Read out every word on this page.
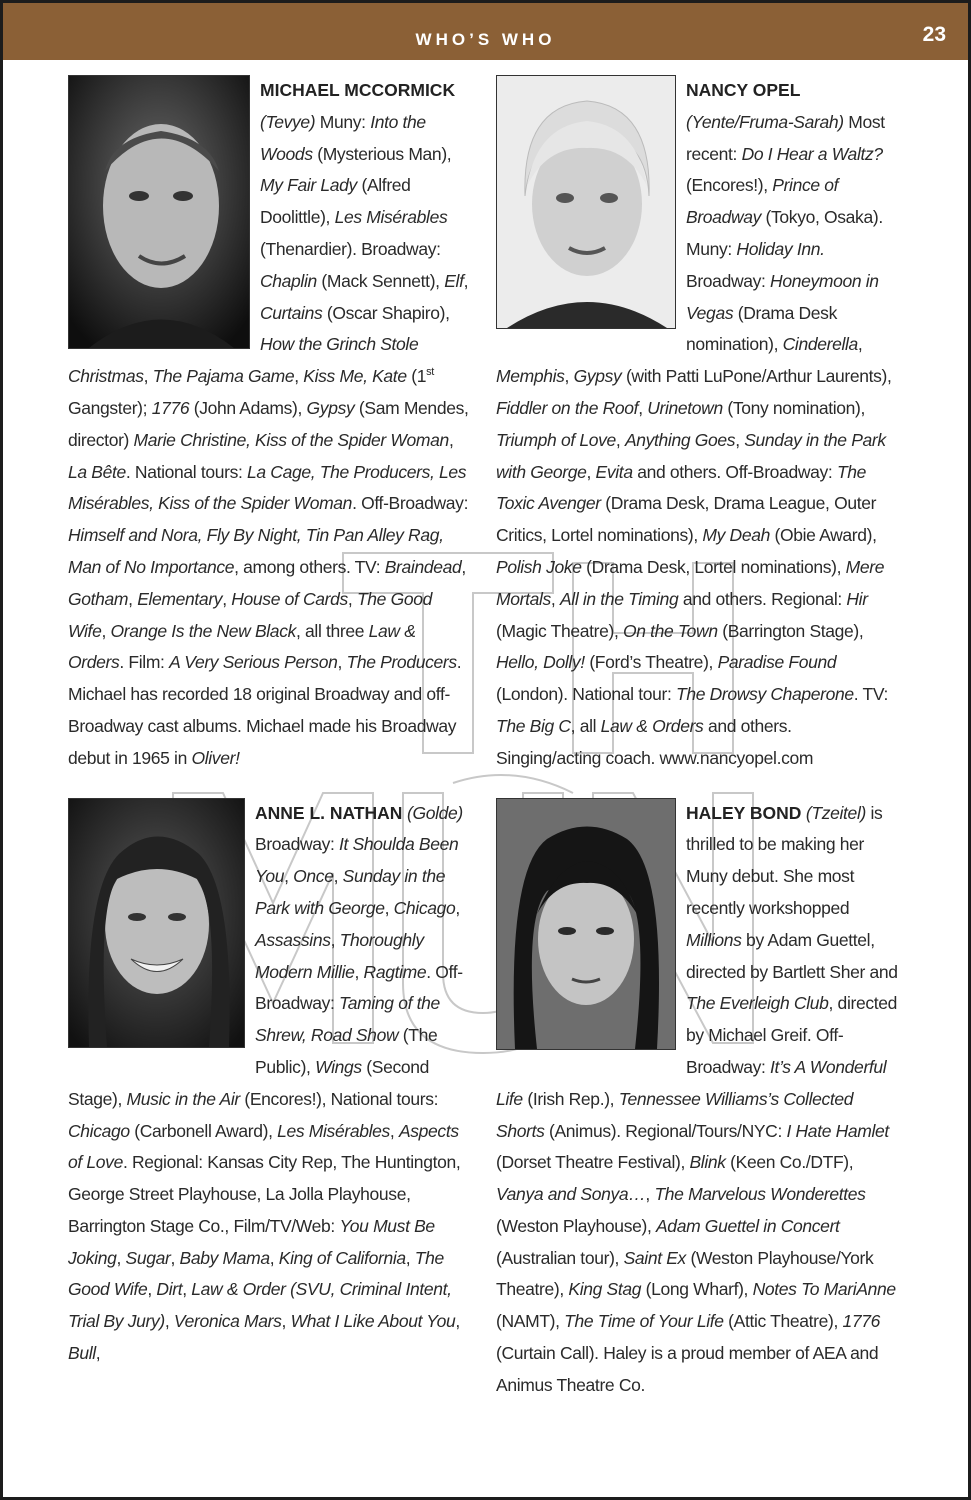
WHO’S WHO	23

MICHAEL MCCORMICK (Tevye) Muny: Into the Woods (Mysterious Man), My Fair Lady (Alfred Doolittle), Les Misérables (Thenardier). Broadway: Chaplin (Mack Sennett), Elf, Curtains (Oscar Shapiro), How the Grinch Stole Christmas, The Pajama Game, Kiss Me, Kate (1st Gangster); 1776 (John Adams), Gypsy (Sam Mendes, director) Marie Christine, Kiss of the Spider Woman, La Bête. National tours: La Cage, The Producers, Les Misérables, Kiss of the Spider Woman. Off-Broadway: Himself and Nora, Fly By Night, Tin Pan Alley Rag, Man of No Importance, among others. TV: Braindead, Gotham, Elementary, House of Cards, The Good Wife, Orange Is the New Black, all three Law & Orders. Film: A Very Serious Person, The Producers. Michael has recorded 18 original Broadway and off-Broadway cast albums. Michael made his Broadway debut in 1965 in Oliver!

ANNE L. NATHAN (Golde) Broadway: It Shoulda Been You, Once, Sunday in the Park with George, Chicago, Assassins, Thoroughly Modern Millie, Ragtime. Off-Broadway: Taming of the Shrew, Road Show (The Public), Wings (Second Stage), Music in the Air (Encores!), National tours: Chicago (Carbonell Award), Les Misérables, Aspects of Love. Regional: Kansas City Rep, The Huntington, George Street Playhouse, La Jolla Playhouse, Barrington Stage Co., Film/TV/Web: You Must Be Joking, Sugar, Baby Mama, King of California, The Good Wife, Dirt, Law & Order (SVU, Criminal Intent, Trial By Jury), Veronica Mars, What I Like About You, Bull,

NANCY OPEL (Yente/Fruma-Sarah) Most recent: Do I Hear a Waltz? (Encores!), Prince of Broadway (Tokyo, Osaka). Muny: Holiday Inn. Broadway: Honeymoon in Vegas (Drama Desk nomination), Cinderella, Memphis, Gypsy (with Patti LuPone/Arthur Laurents), Fiddler on the Roof, Urinetown (Tony nomination), Triumph of Love, Anything Goes, Sunday in the Park with George, Evita and others. Off-Broadway: The Toxic Avenger (Drama Desk, Drama League, Outer Critics, Lortel nominations), My Deah (Obie Award), Polish Joke (Drama Desk, Lortel nominations), Mere Mortals, All in the Timing and others. Regional: Hir (Magic Theatre), On the Town (Barrington Stage), Hello, Dolly! (Ford’s Theatre), Paradise Found (London). National tour: The Drowsy Chaperone. TV: The Big C, all Law & Orders and others. Singing/acting coach. www.nancyopel.com

HALEY BOND (Tzeitel) is thrilled to be making her Muny debut. She most recently workshopped Millions by Adam Guettel, directed by Bartlett Sher and The Everleigh Club, directed by Michael Greif. Off-Broadway: It’s A Wonderful Life (Irish Rep.), Tennessee Williams’s Collected Shorts (Animus). Regional/Tours/NYC: I Hate Hamlet (Dorset Theatre Festival), Blink (Keen Co./DTF), Vanya and Sonya…, The Marvelous Wonderettes (Weston Playhouse), Adam Guettel in Concert (Australian tour), Saint Ex (Weston Playhouse/York Theatre), King Stag (Long Wharf), Notes To MariAnne (NAMT), The Time of Your Life (Attic Theatre), 1776 (Curtain Call). Haley is a proud member of AEA and Animus Theatre Co.
